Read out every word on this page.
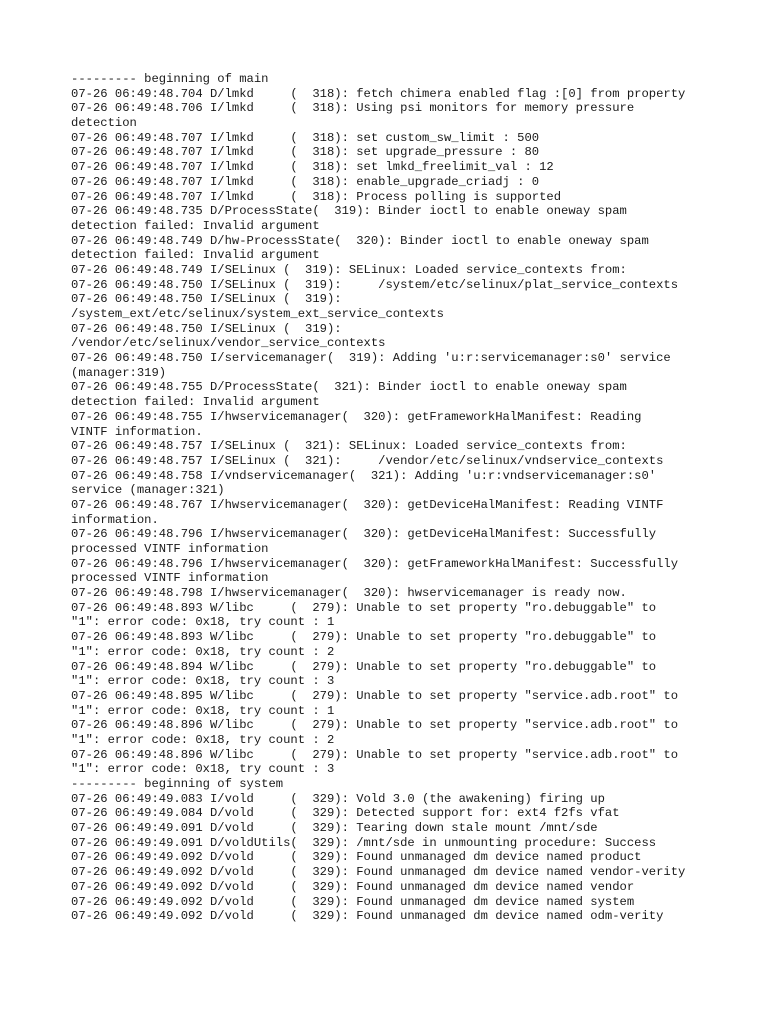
--------- beginning of main
07-26 06:49:48.704 D/lmkd     (  318): fetch chimera enabled flag :[0] from property
07-26 06:49:48.706 I/lmkd     (  318): Using psi monitors for memory pressure
detection
07-26 06:49:48.707 I/lmkd     (  318): set custom_sw_limit : 500
07-26 06:49:48.707 I/lmkd     (  318): set upgrade_pressure : 80
07-26 06:49:48.707 I/lmkd     (  318): set lmkd_freelimit_val : 12
07-26 06:49:48.707 I/lmkd     (  318): enable_upgrade_criadj : 0
07-26 06:49:48.707 I/lmkd     (  318): Process polling is supported
07-26 06:49:48.735 D/ProcessState(  319): Binder ioctl to enable oneway spam
detection failed: Invalid argument
07-26 06:49:48.749 D/hw-ProcessState(  320): Binder ioctl to enable oneway spam
detection failed: Invalid argument
07-26 06:49:48.749 I/SELinux (  319): SELinux: Loaded service_contexts from:
07-26 06:49:48.750 I/SELinux (  319):     /system/etc/selinux/plat_service_contexts
07-26 06:49:48.750 I/SELinux (  319):
/system_ext/etc/selinux/system_ext_service_contexts
07-26 06:49:48.750 I/SELinux (  319):
/vendor/etc/selinux/vendor_service_contexts
07-26 06:49:48.750 I/servicemanager(  319): Adding 'u:r:servicemanager:s0' service
(manager:319)
07-26 06:49:48.755 D/ProcessState(  321): Binder ioctl to enable oneway spam
detection failed: Invalid argument
07-26 06:49:48.755 I/hwservicemanager(  320): getFrameworkHalManifest: Reading
VINTF information.
07-26 06:49:48.757 I/SELinux (  321): SELinux: Loaded service_contexts from:
07-26 06:49:48.757 I/SELinux (  321):     /vendor/etc/selinux/vndservice_contexts
07-26 06:49:48.758 I/vndservicemanager(  321): Adding 'u:r:vndservicemanager:s0'
service (manager:321)
07-26 06:49:48.767 I/hwservicemanager(  320): getDeviceHalManifest: Reading VINTF
information.
07-26 06:49:48.796 I/hwservicemanager(  320): getDeviceHalManifest: Successfully
processed VINTF information
07-26 06:49:48.796 I/hwservicemanager(  320): getFrameworkHalManifest: Successfully
processed VINTF information
07-26 06:49:48.798 I/hwservicemanager(  320): hwservicemanager is ready now.
07-26 06:49:48.893 W/libc     (  279): Unable to set property "ro.debuggable" to
"1": error code: 0x18, try count : 1
07-26 06:49:48.893 W/libc     (  279): Unable to set property "ro.debuggable" to
"1": error code: 0x18, try count : 2
07-26 06:49:48.894 W/libc     (  279): Unable to set property "ro.debuggable" to
"1": error code: 0x18, try count : 3
07-26 06:49:48.895 W/libc     (  279): Unable to set property "service.adb.root" to
"1": error code: 0x18, try count : 1
07-26 06:49:48.896 W/libc     (  279): Unable to set property "service.adb.root" to
"1": error code: 0x18, try count : 2
07-26 06:49:48.896 W/libc     (  279): Unable to set property "service.adb.root" to
"1": error code: 0x18, try count : 3
--------- beginning of system
07-26 06:49:49.083 I/vold     (  329): Vold 3.0 (the awakening) firing up
07-26 06:49:49.084 D/vold     (  329): Detected support for: ext4 f2fs vfat
07-26 06:49:49.091 D/vold     (  329): Tearing down stale mount /mnt/sde
07-26 06:49:49.091 D/voldUtils(  329): /mnt/sde in unmounting procedure: Success
07-26 06:49:49.092 D/vold     (  329): Found unmanaged dm device named product
07-26 06:49:49.092 D/vold     (  329): Found unmanaged dm device named vendor-verity
07-26 06:49:49.092 D/vold     (  329): Found unmanaged dm device named vendor
07-26 06:49:49.092 D/vold     (  329): Found unmanaged dm device named system
07-26 06:49:49.092 D/vold     (  329): Found unmanaged dm device named odm-verity
